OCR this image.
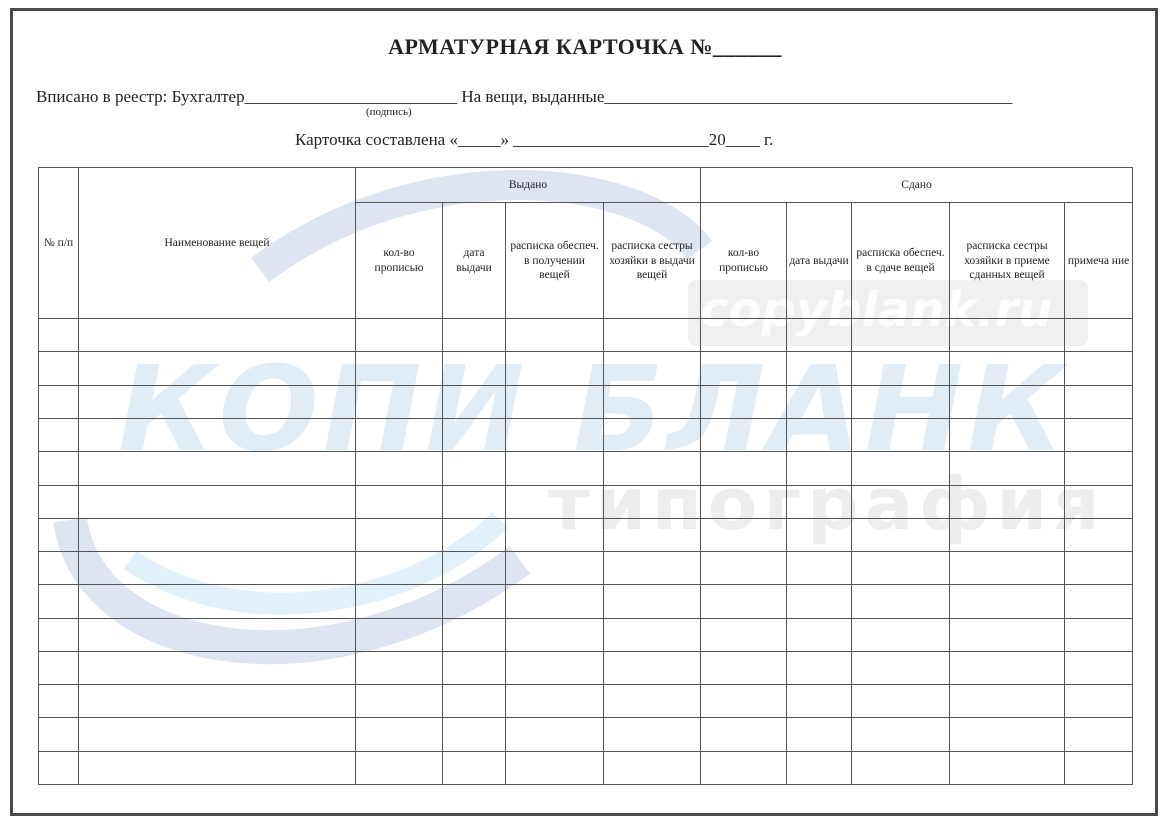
copyblank.ru
КОПИ БЛАНК
типография
АРМАТУРНАЯ КАРТОЧКА №______
Вписано в реестр: Бухгалтер_________________________ На вещи, выданные________________________________________________
(подпись)
Карточка составлена «_____» _______________________20____ г.
№ п/п	Наименование вещей	Выдано				Сдано				
		кол-во прописью	дата выдачи	расписка обеспеч. в получении вещей	расписка сестры хозяйки в выдачи вещей	кол-во прописью	дата выдачи	расписка обеспеч. в сдаче вещей	расписка сестры хозяйки в приеме сданных вещей	примеча ние
